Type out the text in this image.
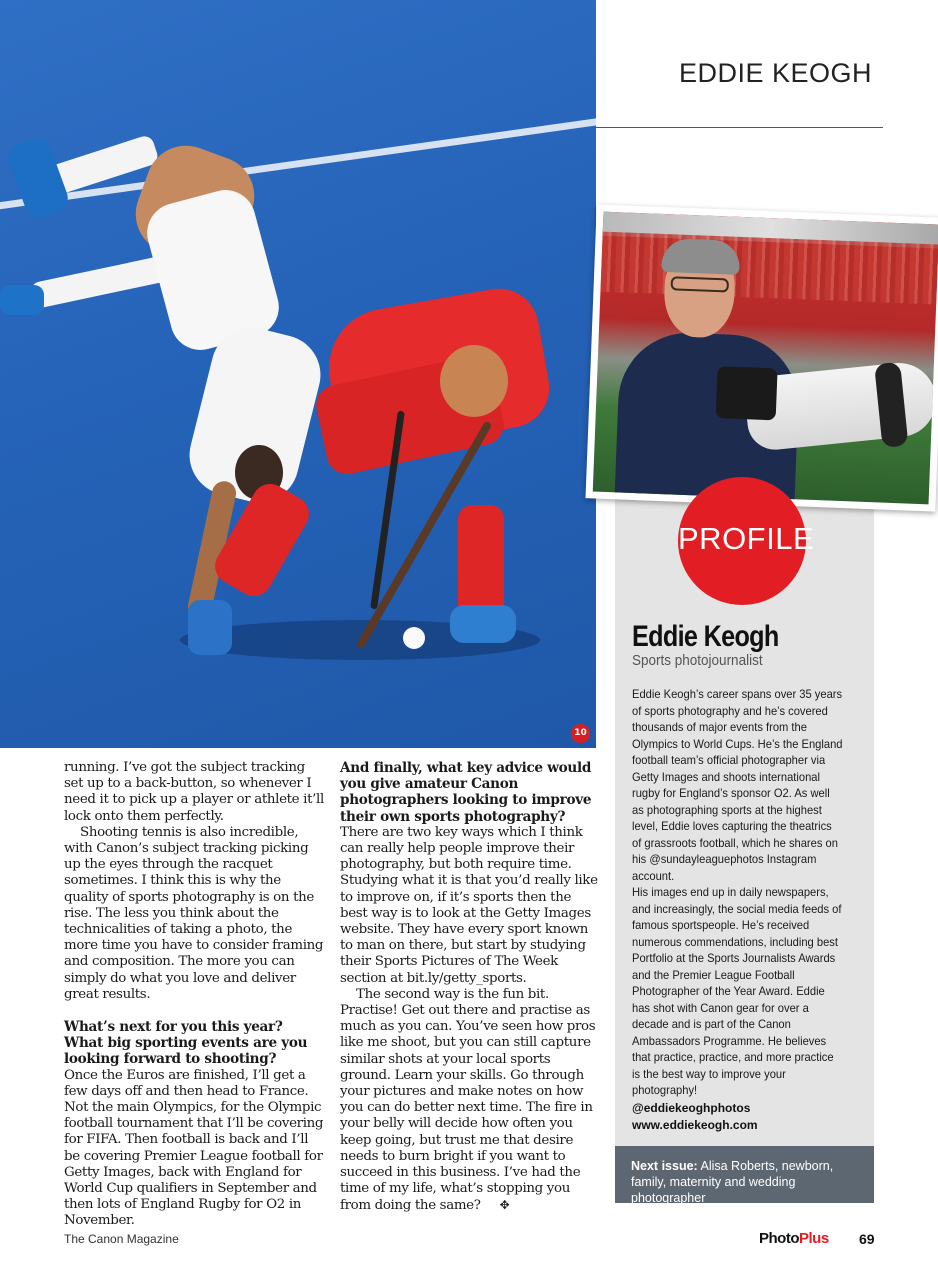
10
EDDIE KEOGH
PROFILE
Eddie Keogh
Sports photojournalist
Eddie Keogh’s career spans over 35 years of sports photography and he’s covered thousands of major events from the Olympics to World Cups. He’s the England football team’s official photographer via Getty Images and shoots international rugby for England’s sponsor O2. As well as photographing sports at the highest level, Eddie loves capturing the theatrics of grassroots football, which he shares on his @sundayleaguephotos Instagram account.
His images end up in daily newspapers, and increasingly, the social media feeds of famous sportspeople. He’s received numerous commendations, including best Portfolio at the Sports Journalists Awards and the Premier League Football Photographer of the Year Award. Eddie has shot with Canon gear for over a decade and is part of the Canon Ambassadors Programme. He believes that practice, practice, and more practice is the best way to improve your photography!
@eddiekeoghphotos
www.eddiekeogh.com
Next issue: Alisa Roberts, newborn, family, maternity and wedding photographer

running. I’ve got the subject tracking set up to a back-button, so whenever I need it to pick up a player or athlete it’ll lock onto them perfectly.

Shooting tennis is also incredible, with Canon’s subject tracking picking up the eyes through the racquet sometimes. I think this is why the quality of sports photography is on the rise. The less you think about the technicalities of taking a photo, the more time you have to consider framing and composition. The more you can simply do what you love and deliver great results.

What’s next for you this year? What big sporting events are you looking forward to shooting?

Once the Euros are finished, I’ll get a few days off and then head to France. Not the main Olympics, for the Olympic football tournament that I’ll be covering for FIFA. Then football is back and I’ll be covering Premier League football for Getty Images, back with England for World Cup qualifiers in September and then lots of England Rugby for O2 in November.

And finally, what key advice would you give amateur Canon photographers looking to improve their own sports photography?

There are two key ways which I think can really help people improve their photography, but both require time. Studying what it is that you’d really like to improve on, if it’s sports then the best way is to look at the Getty Images website. They have every sport known to man on there, but start by studying their Sports Pictures of The Week section at bit.ly/getty_sports.

The second way is the fun bit. Practise! Get out there and practise as much as you can. You’ve seen how pros like me shoot, but you can still capture similar shots at your local sports ground. Learn your skills. Go through your pictures and make notes on how you can do better next time. The fire in your belly will decide how often you keep going, but trust me that desire needs to burn bright if you want to succeed in this business. I’ve had the time of my life, what’s stopping you from doing the same? ✥

The Canon Magazine	PhotoPlus 69
